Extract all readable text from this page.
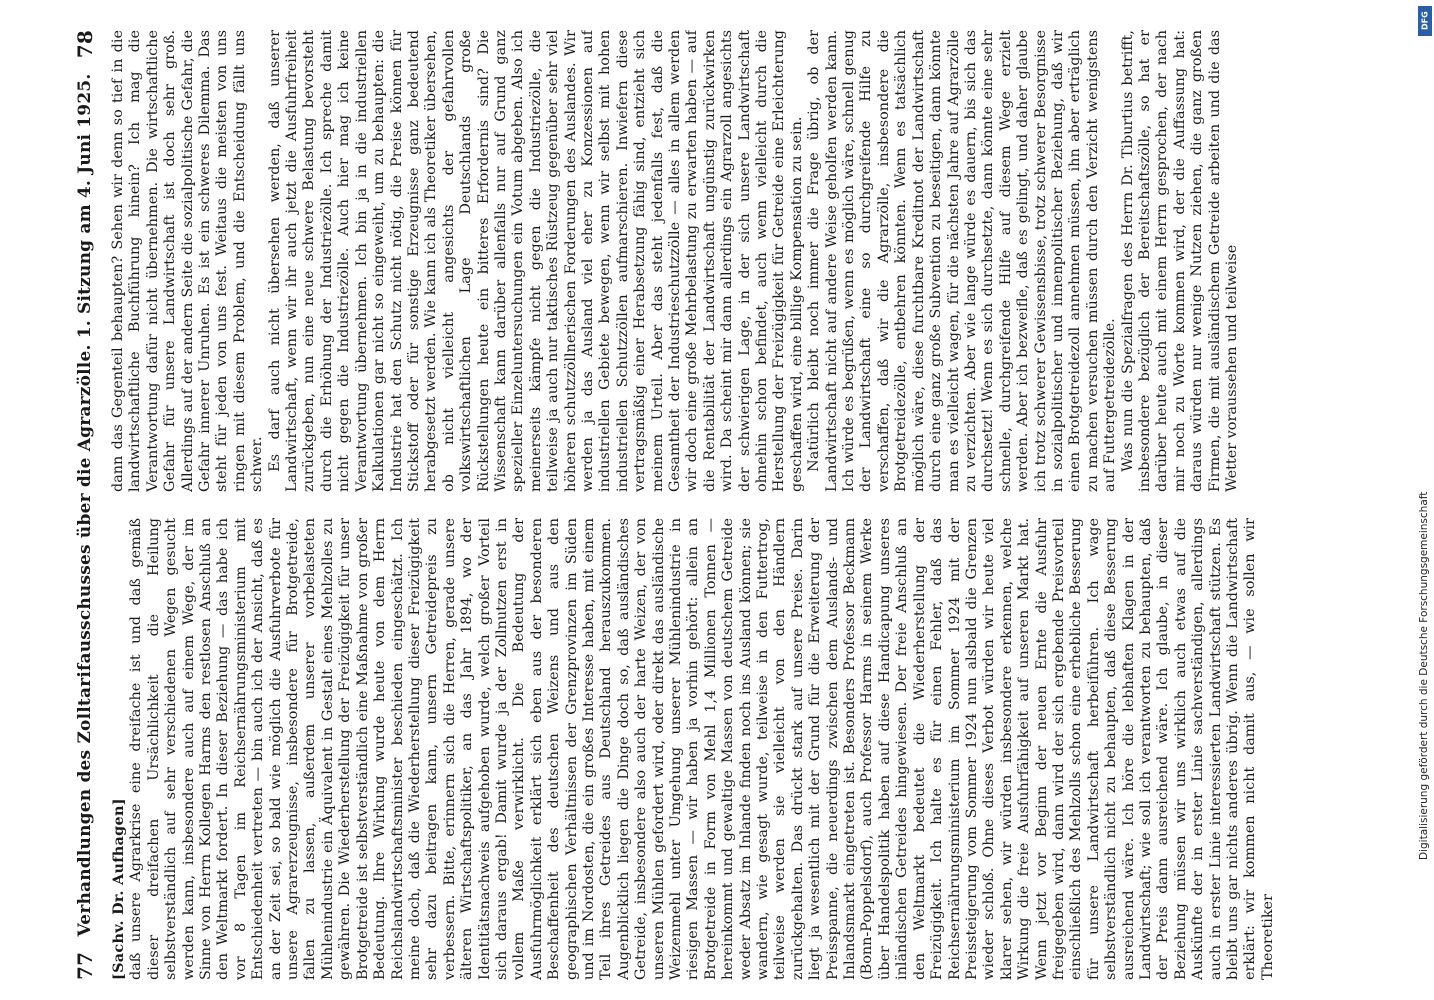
77
Verhandlungen des Zolltarifausschusses über die Agrarzölle. 1. Sitzung am 4. Juni 1925.
78

[Sachv. Dr. Aufhagen] daß unsere Agrarkrise eine dreifache ist und daß gemäß dieser dreifachen Ursächlichkeit die Heilung selbstverständlich auf sehr verschiedenen Wegen gesucht werden kann, insbesondere auch auf einem Wege, der im Sinne von Herrn Kollegen Harms den restlosen Anschluß an den Weltmarkt fordert. In dieser Beziehung — das habe ich vor 8 Tagen im Reichsernährungsministerium mit Entschiedenheit vertreten — bin auch ich der Ansicht, daß es an der Zeit sei, so bald wie möglich die Ausfuhrverbote für unsere Agrarerzeugnisse, insbesondere für Brotgetreide, fallen zu lassen, außerdem unserer vorbelasteten Mühlenindustrie ein Äquivalent in Gestalt eines Mehlzolles zu gewähren. Die Wiederherstellung der Freizügigkeit für unser Brotgetreide ist selbstverständlich eine Maßnahme von großer Bedeutung. Ihre Wirkung wurde heute von dem Herrn Reichslandwirtschaftsminister beschieden eingeschätzt. Ich meine doch, daß die Wiederherstellung dieser Freizügigkeit sehr dazu beitragen kann, unsern Getreidepreis zu verbessern. Bitte, erinnern sich die Herren, gerade unsere älteren Wirtschaftspolitiker, an das Jahr 1894, wo der Identitätsnachweis aufgehoben wurde, welch großer Vorteil sich daraus ergab! Damit wurde ja der Zollnutzen erst in vollem Maße verwirklicht. Die Bedeutung der Ausfuhrmöglichkeit erklärt sich eben aus der besonderen Beschaffenheit des deutschen Weizens und aus den geographischen Verhältnissen der Grenzprovinzen im Süden und im Nordosten, die ein großes Interesse haben, mit einem Teil ihres Getreides aus Deutschland herauszukommen. Augenblicklich liegen die Dinge doch so, daß ausländisches Getreide, insbesondere also auch der harte Weizen, der von unseren Mühlen gefordert wird, oder direkt das ausländische Weizenmehl unter Umgehung unserer Mühlenindustrie in riesigen Massen — wir haben ja vorhin gehört: allein an Brotgetreide in Form von Mehl 1,4 Millionen Tonnen — hereinkommt und gewaltige Massen von deutschem Getreide weder Absatz im Inlande finden noch ins Ausland können; sie wandern, wie gesagt wurde, teilweise in den Futtertrog, teilweise werden sie vielleicht von den Händlern zurückgehalten. Das drückt stark auf unsere Preise. Darin liegt ja wesentlich mit der Grund für die Erweiterung der Preisspanne, die neuerdings zwischen dem Auslands- und Inlandsmarkt eingetreten ist. Besonders Professor Beckmann (Bonn-Poppelsdorf), auch Professor Harms in seinem Werke über Handelspolitik haben auf diese Handicapung unseres inländischen Getreides hingewiesen. Der freie Anschluß an den Weltmarkt bedeutet die Wiederherstellung der Freizügigkeit. Ich halte es für einen Fehler, daß das Reichsernährungsministerium im Sommer 1924 mit der Preissteigerung vom Sommer 1924 nun alsbald die Grenzen wieder schloß. Ohne dieses Verbot würden wir heute viel klarer sehen, wir würden insbesondere erkennen, welche Wirkung die freie Ausfuhrfähigkeit auf unseren Markt hat. Wenn jetzt vor Beginn der neuen Ernte die Ausfuhr freigegeben wird, dann wird der sich ergebende Preisvorteil einschließlich des Mehlzolls schon eine erhebliche Besserung für unsere Landwirtschaft herbeiführen. Ich wage selbstverständlich nicht zu behaupten, daß diese Besserung ausreichend wäre. Ich höre die lebhaften Klagen in der Landwirtschaft; wie soll ich verantworten zu behaupten, daß der Preis dann ausreichend wäre. Ich glaube, in dieser Beziehung müssen wir uns wirklich auch etwas auf die Auskünfte der in erster Linie sachverständigen, allerdings auch in erster Linie interessierten Landwirtschaft stützen. Es bleibt uns gar nichts anderes übrig. Wenn die Landwirtschaft erklärt: wir kommen nicht damit aus, — wie sollen wir Theoretiker

dann das Gegenteil behaupten? Sehen wir denn so tief in die landwirtschaftliche Buchführung hinein? Ich mag die Verantwortung dafür nicht übernehmen. Die wirtschaftliche Gefahr für unsere Landwirtschaft ist doch sehr groß. Allerdings auf der andern Seite die sozialpolitische Gefahr, die Gefahr innerer Unruhen. Es ist ein schweres Dilemma. Das steht für jeden von uns fest. Weitaus die meisten von uns ringen mit diesem Problem, und die Entscheidung fällt uns schwer. Es darf auch nicht übersehen werden, daß unserer Landwirtschaft, wenn wir ihr auch jetzt die Ausfuhrfreiheit zurückgeben, nun eine neue schwere Belastung bevorsteht durch die Erhöhung der Industriezölle. Ich spreche damit nicht gegen die Industriezölle. Auch hier mag ich keine Verantwortung übernehmen. Ich bin ja in die industriellen Kalkulationen gar nicht so eingeweiht, um zu behaupten: die Industrie hat den Schutz nicht nötig, die Preise können für Stickstoff oder für sonstige Erzeugnisse ganz bedeutend herabgesetzt werden. Wie kann ich als Theoretiker übersehen, ob nicht vielleicht angesichts der gefahrvollen volkswirtschaftlichen Lage Deutschlands große Rückstellungen heute ein bitteres Erfordernis sind? Die Wissenschaft kann darüber allenfalls nur auf Grund ganz spezieller Einzeluntersuchungen ein Votum abgeben. Also ich meinerseits kämpfe nicht gegen die Industriezölle, die teilweise ja auch nur taktisches Rüstzeug gegenüber sehr viel höheren schutzzöllnerischen Forderungen des Auslandes. Wir werden ja das Ausland viel eher zu Konzessionen auf industriellen Gebiete bewegen, wenn wir selbst mit hohen industriellen Schutzzöllen aufmarschieren. Inwiefern diese vertragsmäßig einer Herabsetzung fähig sind, entzieht sich meinem Urteil. Aber das steht jedenfalls fest, daß die Gesamtheit der Industrieschutzzölle — alles in allem werden wir doch eine große Mehrbelastung zu erwarten haben — auf die Rentabilität der Landwirtschaft ungünstig zurückwirken wird. Da scheint mir dann allerdings ein Agrarzoll angesichts der schwierigen Lage, in der sich unsere Landwirtschaft ohnehin schon befindet, auch wenn vielleicht durch die Herstellung der Freizügigkeit für Getreide eine Erleichterung geschaffen wird, eine billige Kompensation zu sein. Natürlich bleibt noch immer die Frage übrig, ob der Landwirtschaft nicht auf andere Weise geholfen werden kann. Ich würde es begrüßen, wenn es möglich wäre, schnell genug der Landwirtschaft eine so durchgreifende Hilfe zu verschaffen, daß wir die Agrarzölle, insbesondere die Brotgetreidezölle, entbehren könnten. Wenn es tatsächlich möglich wäre, diese furchtbare Kreditnot der Landwirtschaft durch eine ganz große Subvention zu beseitigen, dann könnte man es vielleicht wagen, für die nächsten Jahre auf Agrarzölle zu verzichten. Aber wie lange würde es dauern, bis sich das durchsetzt! Wenn es sich durchsetzte, dann könnte eine sehr schnelle, durchgreifende Hilfe auf diesem Wege erzielt werden. Aber ich bezweifle, daß es gelingt, und daher glaube ich trotz schwerer Gewissensbisse, trotz schwerer Besorgnisse in sozialpolitischer und innenpolitischer Beziehung, daß wir einen Brotgetreidezoll annehmen müssen, ihn aber erträglich zu machen versuchen müssen durch den Verzicht wenigstens auf Futtergetreidezölle. Was nun die Spezialfragen des Herrn Dr. Tiburtius betrifft, insbesondere bezüglich der Bereitschaftszölle, so hat er darüber heute auch mit einem Herrn gesprochen, der nach mir noch zu Worte kommen wird, der die Auffassung hat: daraus würden nur wenige Nutzen ziehen, die ganz großen Firmen, die mit ausländischem Getreide arbeiten und die das Wetter voraussehen und teilweise

DFG
Digitalisierung gefördert durch die Deutsche Forschungsgemeinschaft
